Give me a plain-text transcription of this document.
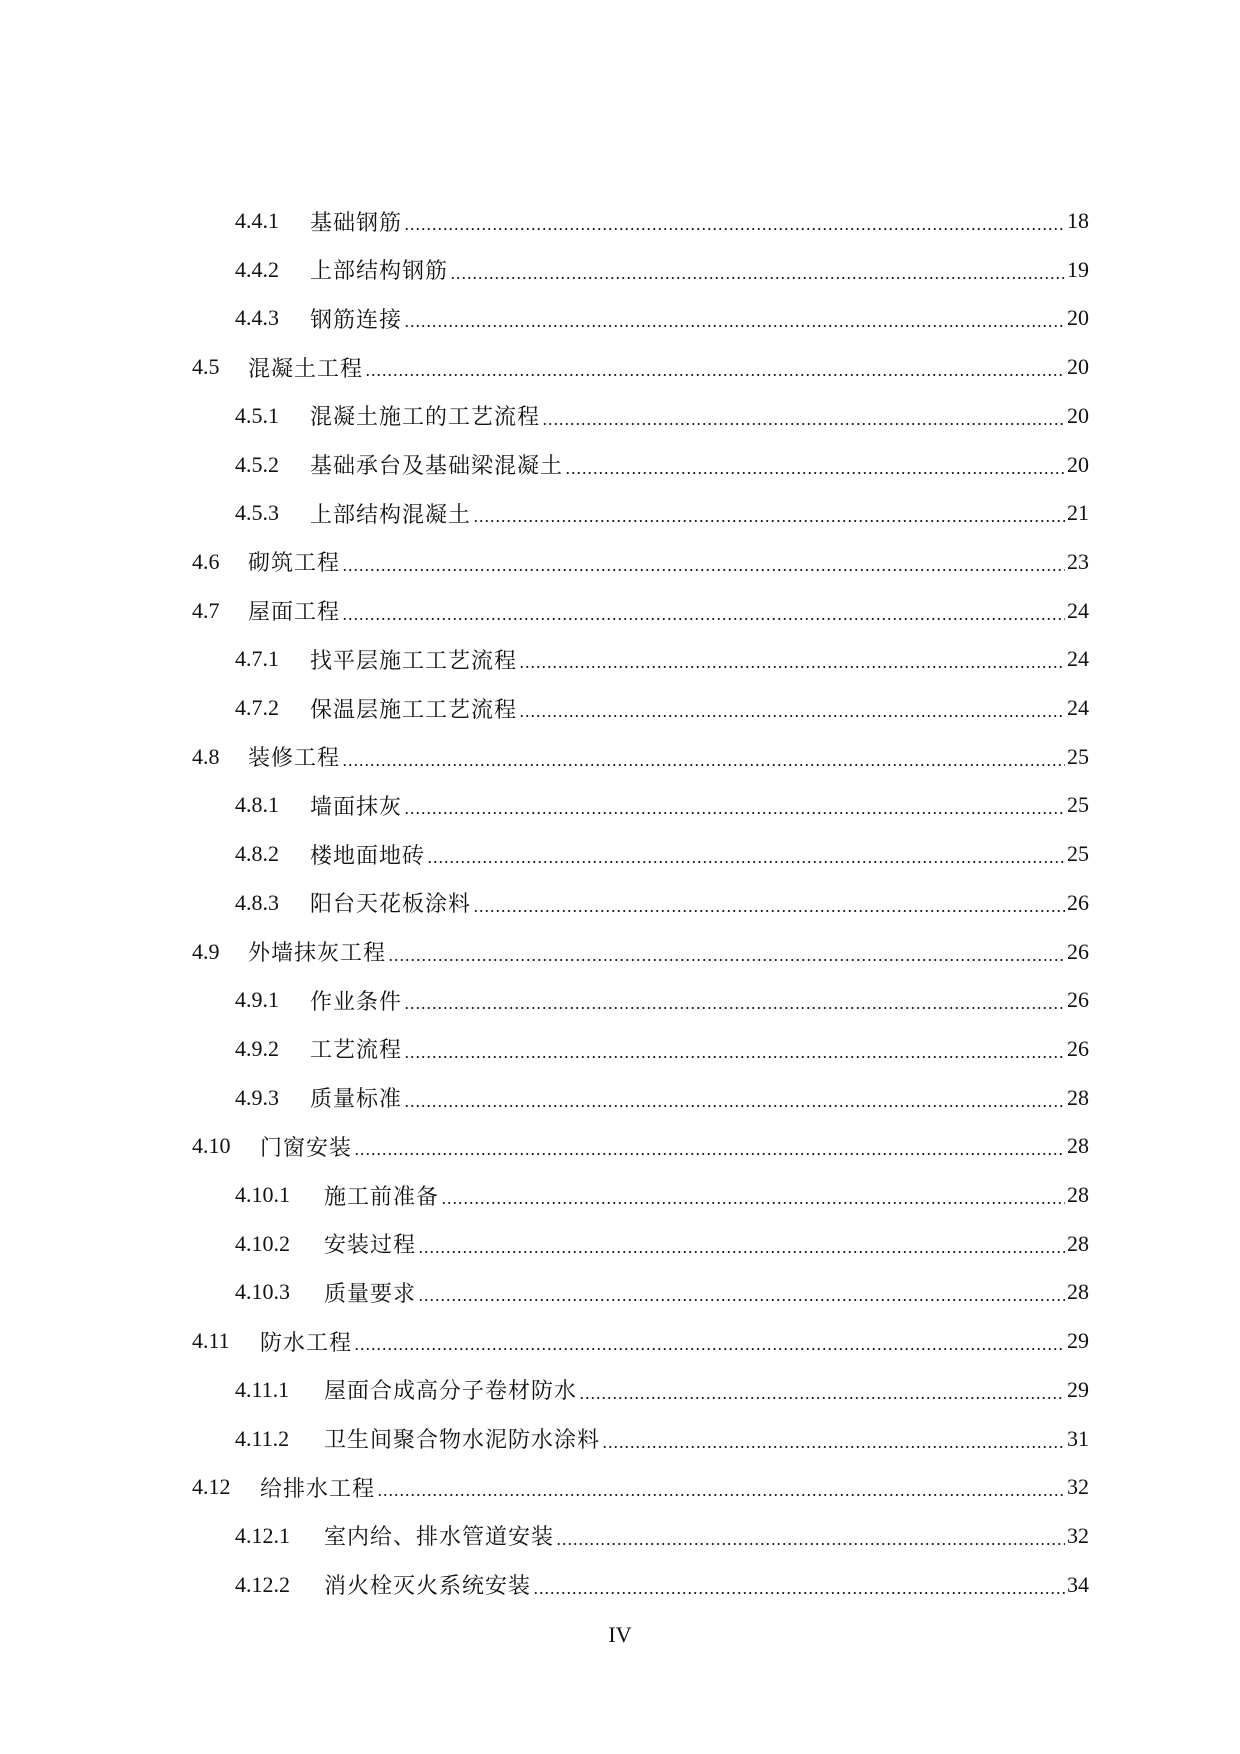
4.4.1	基础钢筋	18
4.4.2	上部结构钢筋	19
4.4.3	钢筋连接	20
4.5	混凝土工程	20
4.5.1	混凝土施工的工艺流程	20
4.5.2	基础承台及基础梁混凝土	20
4.5.3	上部结构混凝土	21
4.6	砌筑工程	23
4.7	屋面工程	24
4.7.1	找平层施工工艺流程	24
4.7.2	保温层施工工艺流程	24
4.8	装修工程	25
4.8.1	墙面抹灰	25
4.8.2	楼地面地砖	25
4.8.3	阳台天花板涂料	26
4.9	外墙抹灰工程	26
4.9.1	作业条件	26
4.9.2	工艺流程	26
4.9.3	质量标准	28
4.10	门窗安装	28
4.10.1	施工前准备	28
4.10.2	安装过程	28
4.10.3	质量要求	28
4.11	防水工程	29
4.11.1	屋面合成高分子卷材防水	29
4.11.2	卫生间聚合物水泥防水涂料	31
4.12	给排水工程	32
4.12.1	室内给、排水管道安装	32
4.12.2	消火栓灭火系统安装	34
IV
